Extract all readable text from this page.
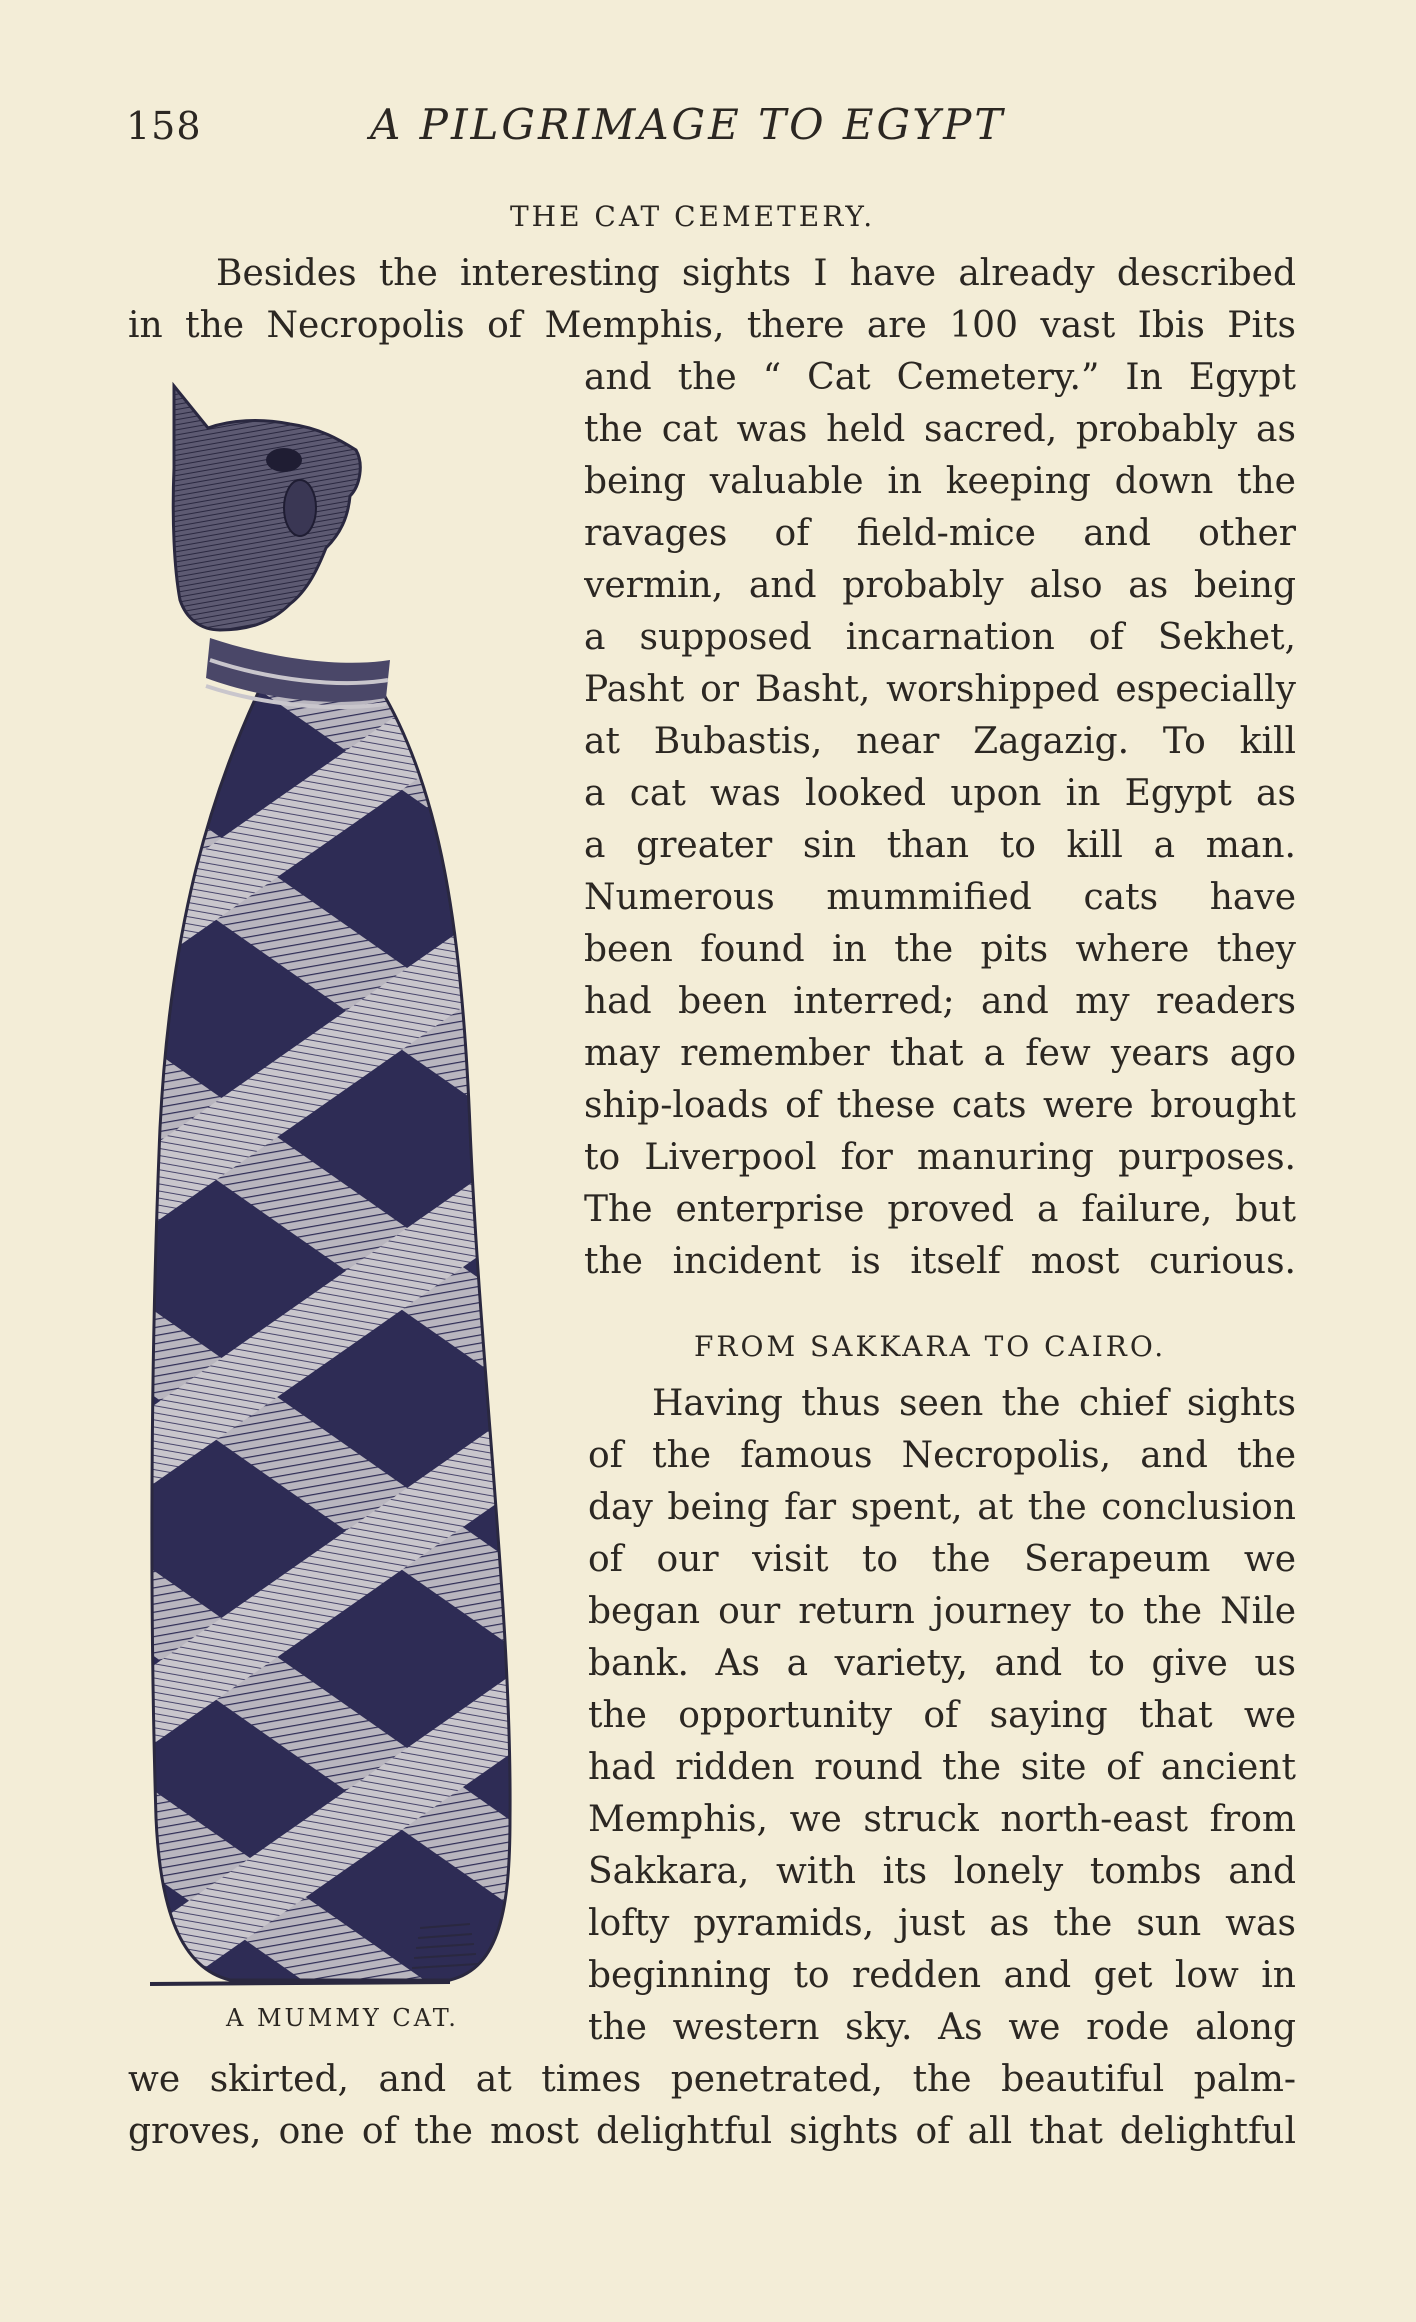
158	A PILGRIMAGE TO EGYPT
THE CAT CEMETERY.
Besides the interesting sights I have already described
in the Necropolis of Memphis, there are 100 vast Ibis Pits
and the “ Cat Cemetery.” In Egypt
the cat was held sacred, probably as
being valuable in keeping down the
ravages of field-mice and other
vermin, and probably also as being
a supposed incarnation of Sekhet,
Pasht or Basht, worshipped especially
at Bubastis, near Zagazig. To kill
a cat was looked upon in Egypt as
a greater sin than to kill a man.
Numerous mummified cats have
been found in the pits where they
had been interred; and my readers
may remember that a few years ago
ship-loads of these cats were brought
to Liverpool for manuring purposes.
The enterprise proved a failure, but
the incident is itself most curious.
FROM SAKKARA TO CAIRO.
Having thus seen the chief sights
of the famous Necropolis, and the
day being far spent, at the conclusion
of our visit to the Serapeum we
began our return journey to the Nile
bank. As a variety, and to give us
the opportunity of saying that we
had ridden round the site of ancient
Memphis, we struck north-east from
Sakkara, with its lonely tombs and
lofty pyramids, just as the sun was
beginning to redden and get low in
the western sky. As we rode along
we skirted, and at times penetrated, the beautiful palm-
groves, one of the most delightful sights of all that delightful
A MUMMY CAT.
